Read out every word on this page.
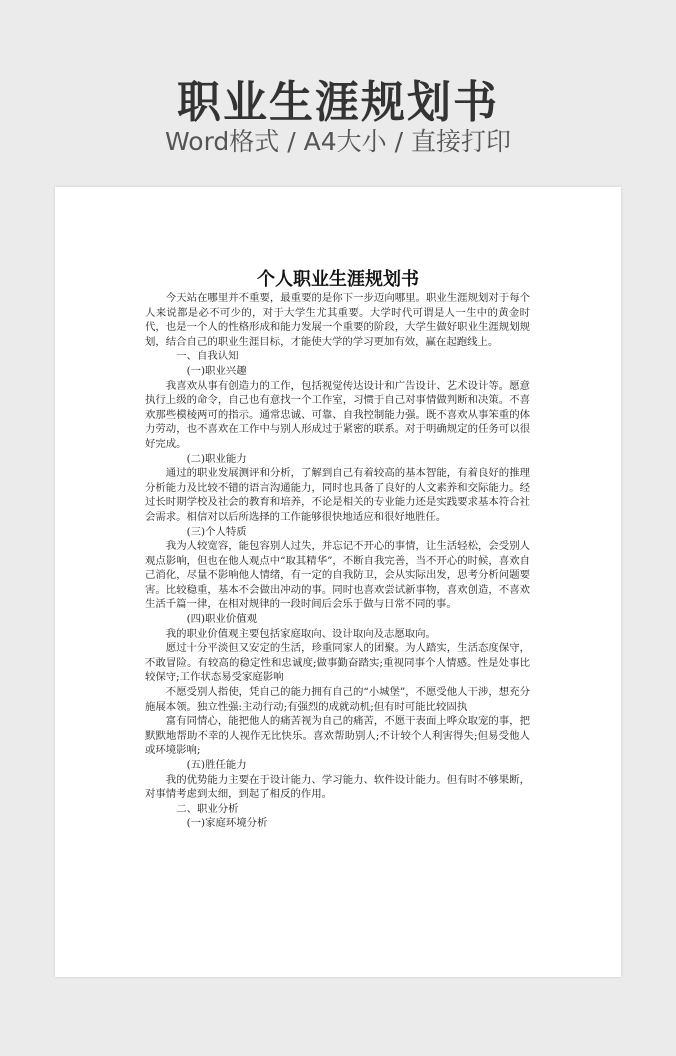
职业生涯规划书
Word格式 / A4大小 / 直接打印
个人职业生涯规划书

今天站在哪里并不重要，最重要的是你下一步迈向哪里。职业生涯规划对于每个人来说都是必不可少的，对于大学生尤其重要。大学时代可谓是人一生中的黄金时代，也是一个人的性格形成和能力发展一个重要的阶段，大学生做好职业生涯规划规划，结合自己的职业生涯目标，才能使大学的学习更加有效，赢在起跑线上。

一、自我认知

(一)职业兴趣

我喜欢从事有创造力的工作，包括视觉传达设计和广告设计、艺术设计等。愿意执行上级的命令，自己也有意找一个工作室，习惯于自己对事情做判断和决策。不喜欢那些模棱两可的指示。通常忠诚、可靠、自我控制能力强。既不喜欢从事笨重的体力劳动，也不喜欢在工作中与别人形成过于紧密的联系。对于明确规定的任务可以很好完成。

(二)职业能力

通过的职业发展测评和分析，了解到自己有着较高的基本智能，有着良好的推理分析能力及比较不错的语言沟通能力，同时也具备了良好的人文素养和交际能力。经过长时期学校及社会的教育和培养，不论是相关的专业能力还是实践要求基本符合社会需求。相信对以后所选择的工作能够很快地适应和很好地胜任。

(三)个人特质

我为人较宽容，能包容别人过失，并忘记不开心的事情，让生活轻松，会受别人观点影响，但也在他人观点中“取其精华”，不断自我完善，当不开心的时候，喜欢自己消化，尽量不影响他人情绪，有一定的自我防卫，会从实际出发，思考分析问题要害。比较稳重，基本不会做出冲动的事。同时也喜欢尝试新事物，喜欢创造，不喜欢生活千篇一律，在相对规律的一段时间后会乐于做与日常不同的事。

(四)职业价值观

我的职业价值观主要包括家庭取向、设计取向及志愿取向。

愿过十分平淡但又安定的生活，珍重同家人的团聚。为人踏实，生活态度保守，不敢冒险。有较高的稳定性和忠诚度;做事勤奋踏实;重视同事个人情感。性是处事比较保守;工作状态易受家庭影响

不愿受别人指使，凭自己的能力拥有自己的“小城堡”，不愿受他人干涉，想充分施展本领。独立性强:主动行动;有强烈的成就动机;但有时可能比较固执

富有同情心，能把他人的痛苦视为自己的痛苦，不愿干表面上哗众取宠的事，把默默地帮助不幸的人视作无比快乐。喜欢帮助别人;不计较个人利害得失;但易受他人或环境影响;

(五)胜任能力

我的优势能力主要在于设计能力、学习能力、软件设计能力。但有时不够果断，对事情考虑到太细，到起了相反的作用。

二、职业分析

(一)家庭环境分析
